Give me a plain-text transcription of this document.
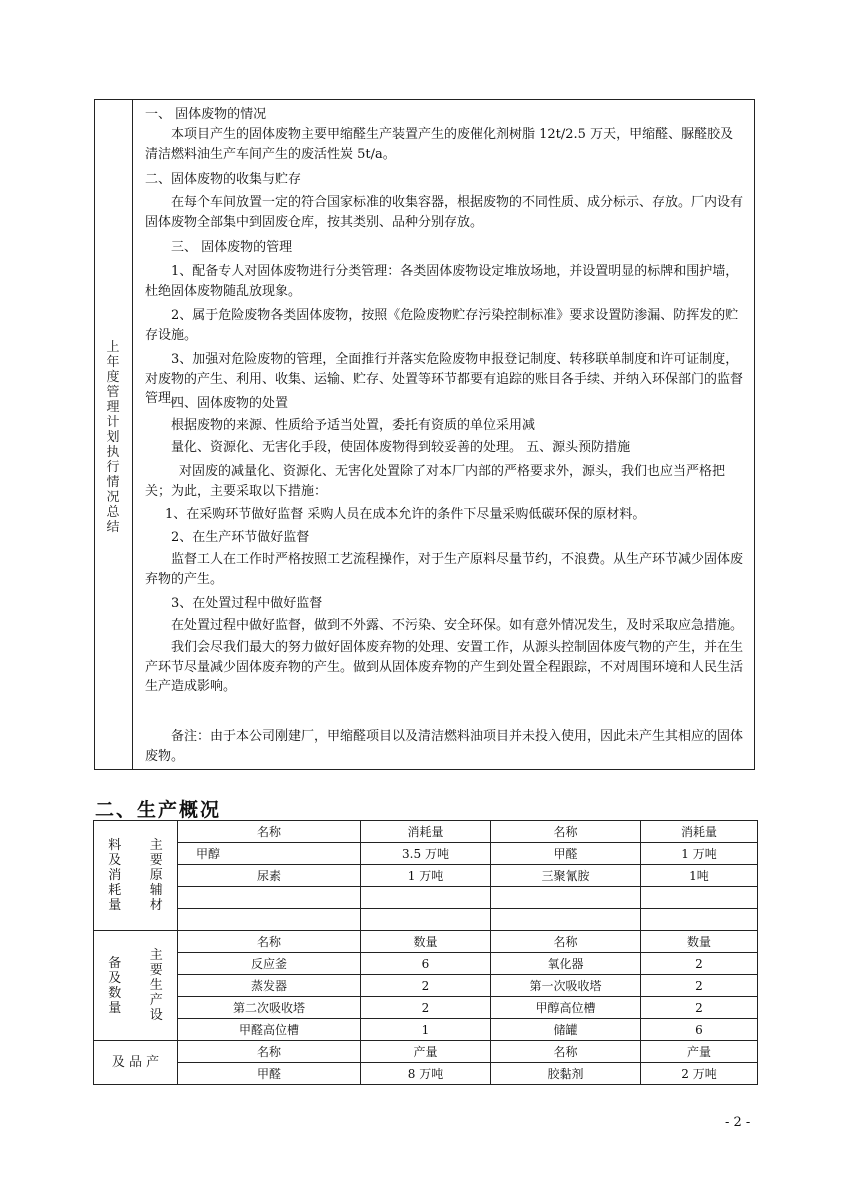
上年度管理计划执行情况总结
一、 固体废物的情况
本项目产生的固体废物主要甲缩醛生产装置产生的废催化剂树脂 12t/2.5 万天，甲缩醛、脲醛胶及清洁燃料油生产车间产生的废活性炭 5t/a。
二、固体废物的收集与贮存
在每个车间放置一定的符合国家标准的收集容器，根据废物的不同性质、成分标示、存放。厂内设有固体废物全部集中到固废仓库，按其类别、品种分别存放。
三、 固体废物的管理
1、配备专人对固体废物进行分类管理：各类固体废物设定堆放场地，并设置明显的标牌和围护墙，杜绝固体废物随乱放现象。
2、属于危险废物各类固体废物，按照《危险废物贮存污染控制标准》要求设置防渗漏、防挥发的贮存设施。
3、加强对危险废物的管理，全面推行并落实危险废物申报登记制度、转移联单制度和许可证制度，对废物的产生、利用、收集、运输、贮存、处置等环节都要有追踪的账目各手续、并纳入环保部门的监督管理。
四、固体废物的处置
根据废物的来源、性质给予适当处置，委托有资质的单位采用减
量化、资源化、无害化手段，使固体废物得到较妥善的处理。 五、源头预防措施
对固废的减量化、资源化、无害化处置除了对本厂内部的严格要求外，源头，我们也应当严格把关；为此，主要采取以下措施：
1、在采购环节做好监督 采购人员在成本允许的条件下尽量采购低碳环保的原材料。
2、在生产环节做好监督
监督工人在工作时严格按照工艺流程操作，对于生产原料尽量节约，不浪费。从生产环节减少固体废弃物的产生。
3、在处置过程中做好监督
在处置过程中做好监督，做到不外露、不污染、安全环保。如有意外情况发生，及时采取应急措施。
我们会尽我们最大的努力做好固体废弃物的处理、安置工作，从源头控制固体废气物的产生，并在生产环节尽量减少固体废弃物的产生。做到从固体废弃物的产生到处置全程跟踪，不对周围环境和人民生活生产造成影响。
备注：由于本公司刚建厂，甲缩醛项目以及清洁燃料油项目并未投入使用，因此未产生其相应的固体废物。
二、生产概况
料及消耗量	主要原辅材	名称	消耗量	名称	消耗量
		甲醇	3.5 万吨	甲醛	1 万吨
		尿素	1 万吨	三聚氰胺	1吨

备及数量	主要生产设	名称	数量	名称	数量
		反应釜	6	氧化器	2
		蒸发器	2	第一次吸收塔	2
		第二次吸收塔	2	甲醇高位槽	2
		甲醛高位槽	1	储罐	6
及 品 产		名称	产量	名称	产量
		甲醛	8 万吨	胶黏剂	2 万吨
- 2 -
